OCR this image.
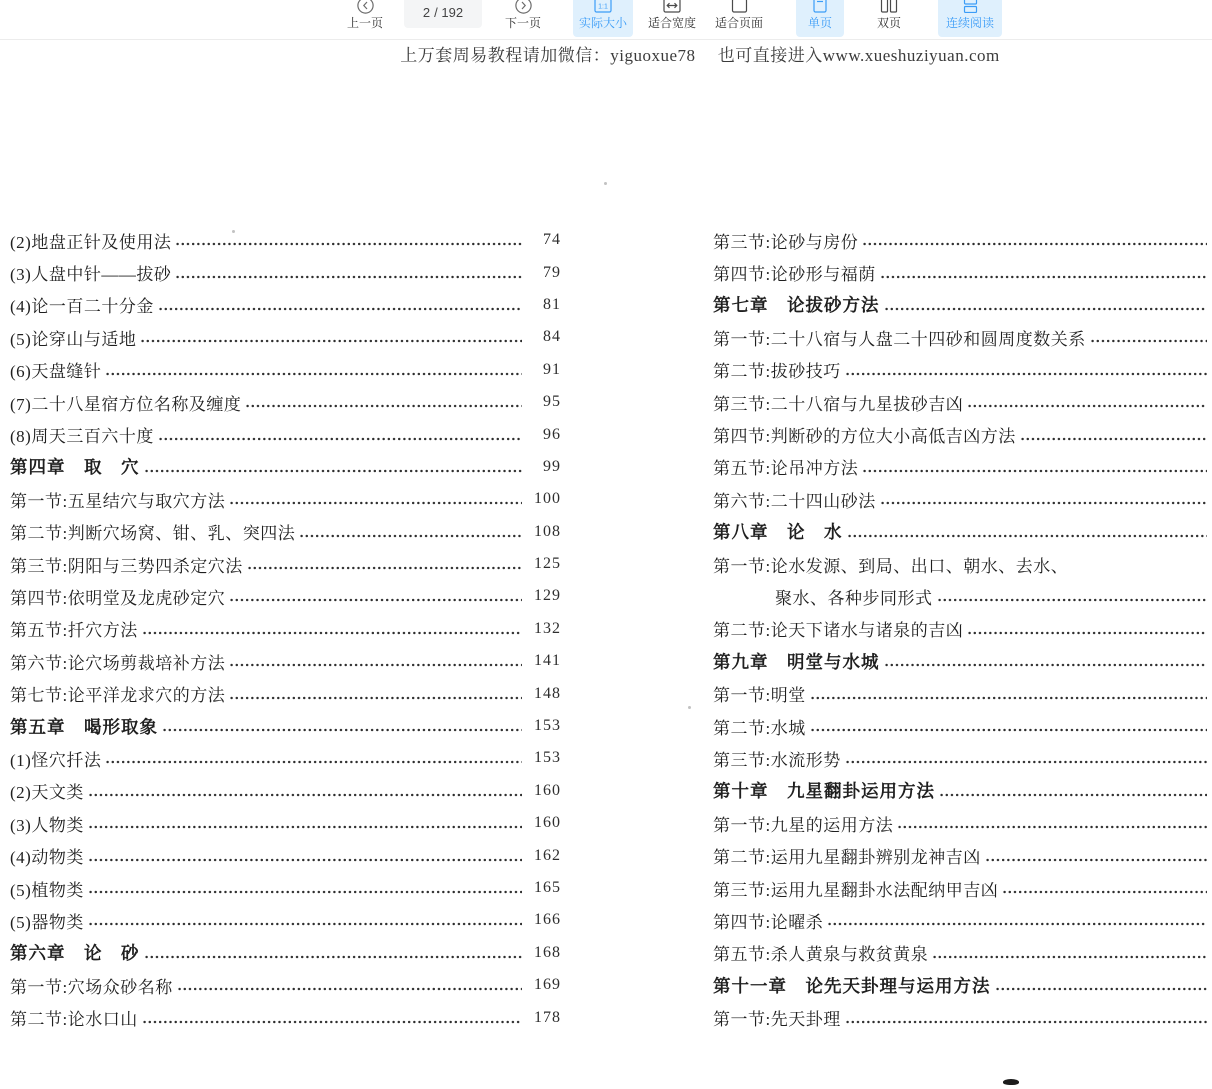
上一页
2 / 192
下一页
1:1
实际大小 适合宽度 适合页面	单页	双页	连续阅读
上万套周易教程请加微信：yiguoxue78　 也可直接进入www.xueshuziyuan.com
(2)地盘正针及使用法	74
(3)人盘中针——拔砂	79
(4)论一百二十分金	81
(5)论穿山与适地	84
(6)天盘缝针	91
(7)二十八星宿方位名称及缠度	95
(8)周天三百六十度	96
第四章　取　穴	99
第一节:五星结穴与取穴方法	100
第二节:判断穴场窝、钳、乳、突四法	108
第三节:阴阳与三势四杀定穴法	125
第四节:依明堂及龙虎砂定穴	129
第五节:扦穴方法	132
第六节:论穴场剪裁培补方法	141
第七节:论平洋龙求穴的方法	148
第五章　喝形取象	153
(1)怪穴扦法	153
(2)天文类	160
(3)人物类	160
(4)动物类	162
(5)植物类	165
(5)器物类	166
第六章　论　砂	168
第一节:穴场众砂名称	169
第二节:论水口山	178
第三节:论砂与房份
第四节:论砂形与福荫
第七章　论拔砂方法
第一节:二十八宿与人盘二十四砂和圆周度数关系
第二节:拔砂技巧
第三节:二十八宿与九星拔砂吉凶
第四节:判断砂的方位大小高低吉凶方法
第五节:论吊冲方法
第六节:二十四山砂法
第八章　论　水
第一节:论水发源、到局、出口、朝水、去水、
聚水、各种步同形式
第二节:论天下诸水与诸泉的吉凶
第九章　明堂与水城
第一节:明堂
第二节:水城
第三节:水流形势
第十章　九星翻卦运用方法
第一节:九星的运用方法
第二节:运用九星翻卦辨别龙神吉凶
第三节:运用九星翻卦水法配纳甲吉凶
第四节:论曜杀
第五节:杀人黄泉与救贫黄泉
第十一章　论先天卦理与运用方法
第一节:先天卦理
